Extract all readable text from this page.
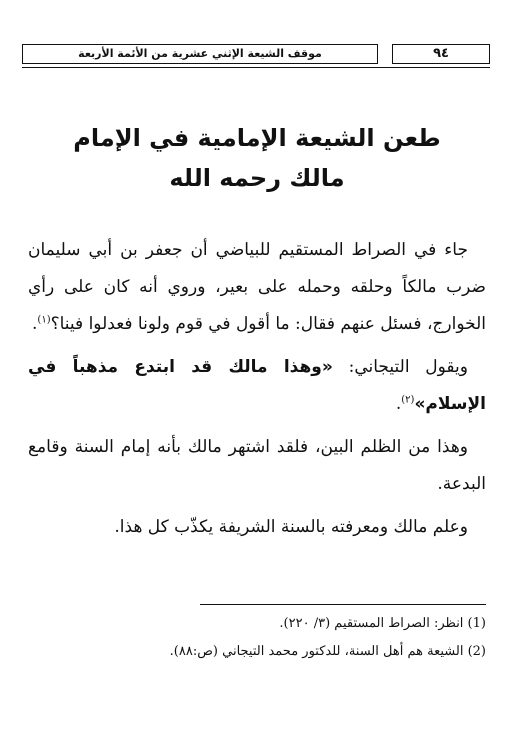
موقف الشيعة الإثني عشرية من الأئمة الأربعة	٩٤
طعن الشيعة الإمامية في الإمام
مالك رحمه الله

جاء في الصراط المستقيم للبياضي أن جعفر بن أبي سليمان ضرب مالكاً وحلقه وحمله على بعير، وروي أنه كان على رأي الخوارج، فسئل عنهم فقال: ما أقول في قوم ولونا فعدلوا فينا؟$^{(١)}$.

ويقول التيجاني: «وهذا مالك قد ابتدع مذهباً في الإسلام»$^{(٢)}$.

وهذا من الظلم البين، فلقد اشتهر مالك بأنه إمام السنة وقامع البدعة.

وعلم مالك ومعرفته بالسنة الشريفة يكذّب كل هذا.

(1) انظر: الصراط المستقيم (٣/ ٢٢٠).
(2) الشيعة هم أهل السنة، للدكتور محمد التيجاني (ص:٨٨).
